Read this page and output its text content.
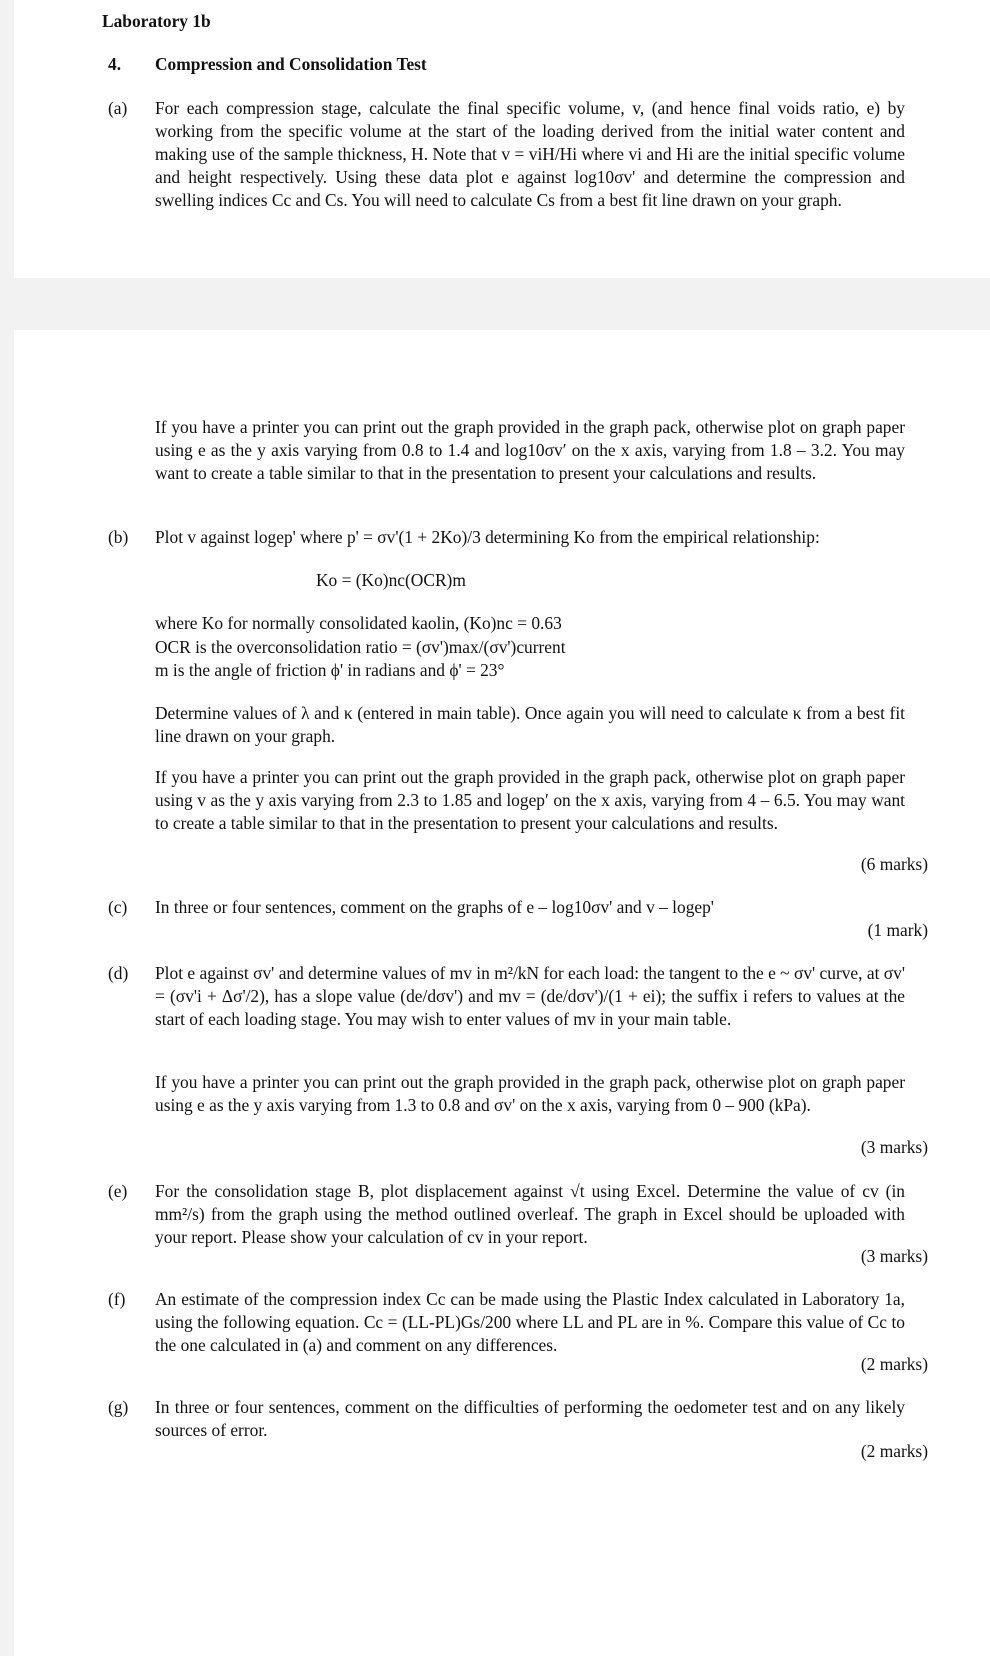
Laboratory 1b

4. Compression and Consolidation Test

(a) For each compression stage, calculate the final specific volume, v, (and hence final voids ratio, e) by working from the specific volume at the start of the loading derived from the initial water content and making use of the sample thickness, H. Note that v = viH/Hi where vi and Hi are the initial specific volume and height respectively. Using these data plot e against log10σv' and determine the compression and swelling indices Cc and Cs. You will need to calculate Cs from a best fit line drawn on your graph.

If you have a printer you can print out the graph provided in the graph pack, otherwise plot on graph paper using e as the y axis varying from 0.8 to 1.4 and log10σv′ on the x axis, varying from 1.8 – 3.2. You may want to create a table similar to that in the presentation to present your calculations and results.

(b) Plot v against logep' where p' = σv'(1 + 2Ko)/3 determining Ko from the empirical relationship:

Ko = (Ko)nc(OCR)m

where Ko for normally consolidated kaolin, (Ko)nc = 0.63

OCR is the overconsolidation ratio = (σv')max/(σv')current

m is the angle of friction ϕ' in radians and ϕ' = 23°

Determine values of λ and κ (entered in main table). Once again you will need to calculate κ from a best fit line drawn on your graph.

If you have a printer you can print out the graph provided in the graph pack, otherwise plot on graph paper using v as the y axis varying from 2.3 to 1.85 and logep′ on the x axis, varying from 4 – 6.5. You may want to create a table similar to that in the presentation to present your calculations and results.

(6 marks)

(c) In three or four sentences, comment on the graphs of e – log10σv' and v – logep'

(1 mark)

(d) Plot e against σv' and determine values of mv in m²/kN for each load: the tangent to the e ~ σv' curve, at σv' = (σv'i + Δσ'/2), has a slope value (de/dσv') and mv = (de/dσv')/(1 + ei); the suffix i refers to values at the start of each loading stage. You may wish to enter values of mv in your main table.

If you have a printer you can print out the graph provided in the graph pack, otherwise plot on graph paper using e as the y axis varying from 1.3 to 0.8 and σv' on the x axis, varying from 0 – 900 (kPa).

(3 marks)

(e) For the consolidation stage B, plot displacement against √t using Excel. Determine the value of cv (in mm²/s) from the graph using the method outlined overleaf. The graph in Excel should be uploaded with your report. Please show your calculation of cv in your report.

(3 marks)

(f) An estimate of the compression index Cc can be made using the Plastic Index calculated in Laboratory 1a, using the following equation. Cc = (LL-PL)Gs/200 where LL and PL are in %. Compare this value of Cc to the one calculated in (a) and comment on any differences.

(2 marks)

(g) In three or four sentences, comment on the difficulties of performing the oedometer test and on any likely sources of error.

(2 marks)
